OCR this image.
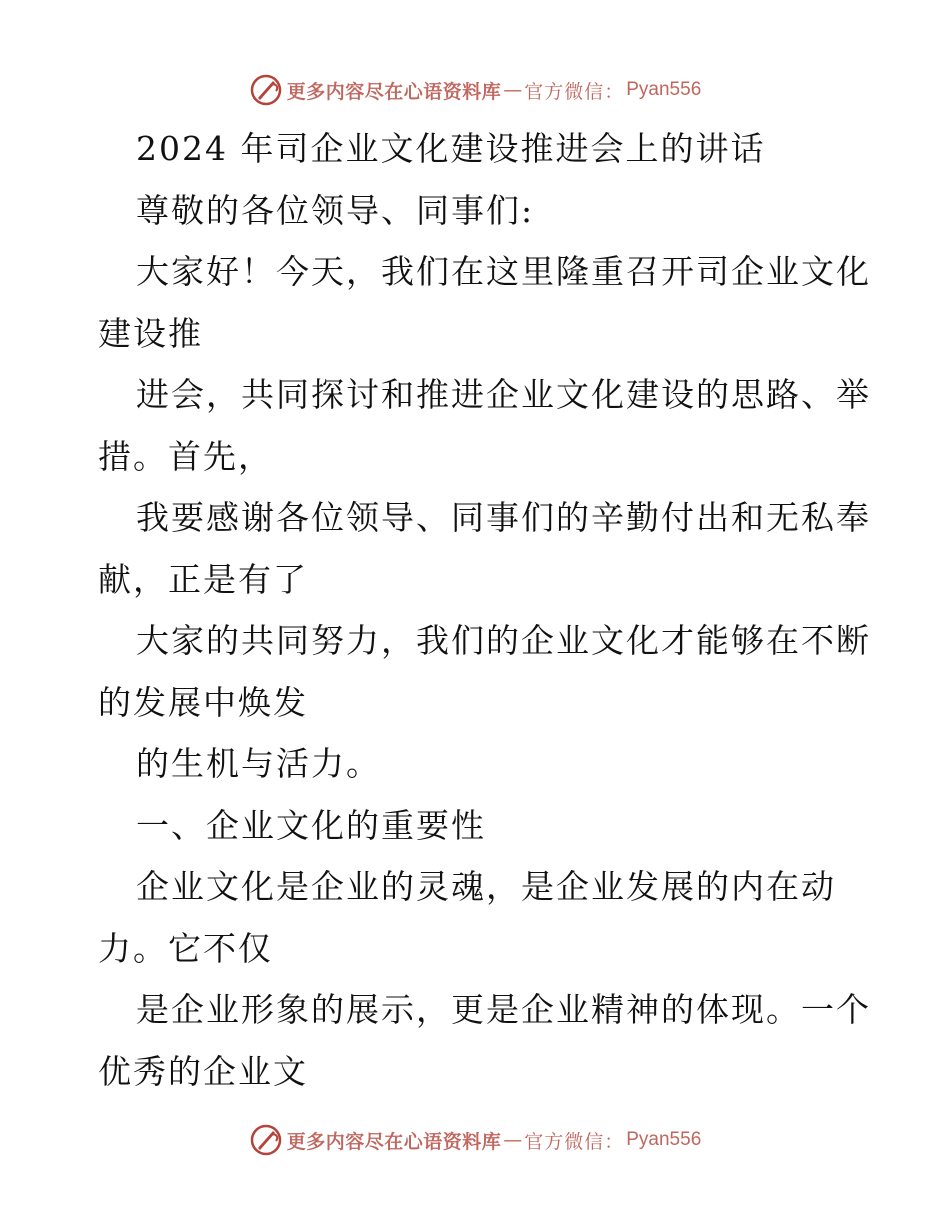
更多内容尽在心语资料库 — 官方微信： Pyan556

2024 年司企业文化建设推进会上的讲话

尊敬的各位领导、同事们:

大家好！今天，我们在这里隆重召开司企业文化
建设推

进会，共同探讨和推进企业文化建设的思路、举
措。首先，

我要感谢各位领导、同事们的辛勤付出和无私奉
献，正是有了

大家的共同努力，我们的企业文化才能够在不断
的发展中焕发

的生机与活力。

一、企业文化的重要性

企业文化是企业的灵魂，是企业发展的内在动
力。它不仅

是企业形象的展示，更是企业精神的体现。一个
优秀的企业文

更多内容尽在心语资料库 — 官方微信： Pyan556
